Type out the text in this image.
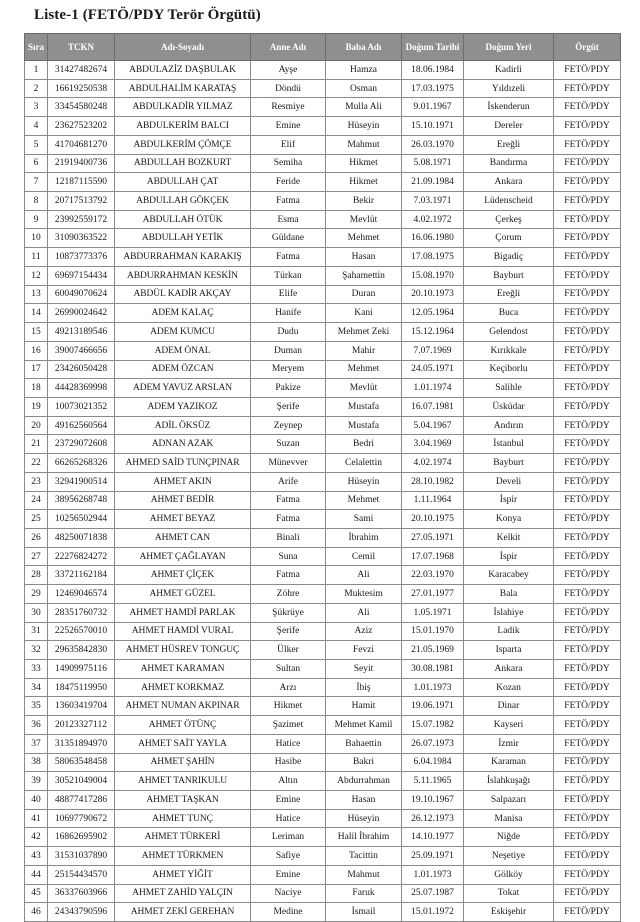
Liste-1 (FETÖ/PDY Terör Örgütü)
Sıra	TCKN	Adı-Soyadı	Anne Adı	Baba Adı	Doğum Tarihi	Doğum Yeri	Örgüt
1	31427482674	ABDULAZİZ DAŞBULAK	Ayşe	Hamza	18.06.1984	Kadirli	FETÖ/PDY
2	16619250538	ABDULHALİM KARATAŞ	Döndü	Osman	17.03.1975	Yıldızeli	FETÖ/PDY
3	33454580248	ABDULKADİR YILMAZ	Resmiye	Mulla Ali	9.01.1967	İskenderun	FETÖ/PDY
4	23627523202	ABDULKERİM BALCI	Emine	Hüseyin	15.10.1971	Dereler	FETÖ/PDY
5	41704681270	ABDULKERİM ÇÖMÇE	Elif	Mahmut	26.03.1970	Ereğli	FETÖ/PDY
6	21919400736	ABDULLAH BOZKURT	Semiha	Hikmet	5.08.1971	Bandırma	FETÖ/PDY
7	12187115590	ABDULLAH ÇAT	Feride	Hikmet	21.09.1984	Ankara	FETÖ/PDY
8	20717513792	ABDULLAH GÖKÇEK	Fatma	Bekir	7.03.1971	Lüdenscheid	FETÖ/PDY
9	23992559172	ABDULLAH ÖTÜK	Esma	Mevlüt	4.02.1972	Çerkeş	FETÖ/PDY
10	31090363522	ABDULLAH YETİK	Güldane	Mehmet	16.06.1980	Çorum	FETÖ/PDY
11	10873773376	ABDURRAHMAN KARAKIŞ	Fatma	Hasan	17.08.1975	Bigadiç	FETÖ/PDY
12	69697154434	ABDURRAHMAN KESKİN	Türkan	Şahamettin	15.08.1970	Bayburt	FETÖ/PDY
13	60049070624	ABDÜL KADİR AKÇAY	Elife	Duran	20.10.1973	Ereğli	FETÖ/PDY
14	26990024642	ADEM KALAÇ	Hanife	Kani	12.05.1964	Buca	FETÖ/PDY
15	49213189546	ADEM KUMCU	Dudu	Mehmet Zeki	15.12.1964	Gelendost	FETÖ/PDY
16	39007466656	ADEM ÖNAL	Duman	Mahir	7.07.1969	Kırıkkale	FETÖ/PDY
17	23426050428	ADEM ÖZCAN	Meryem	Mehmet	24.05.1971	Keçiborlu	FETÖ/PDY
18	44428369998	ADEM YAVUZ ARSLAN	Pakize	Mevlüt	1.01.1974	Salihle	FETÖ/PDY
19	10073021352	ADEM YAZIKOZ	Şerife	Mustafa	16.07.1981	Üsküdar	FETÖ/PDY
20	49162560564	ADİL ÖKSÜZ	Zeynep	Mustafa	5.04.1967	Andırın	FETÖ/PDY
21	23729072608	ADNAN AZAK	Suzan	Bedri	3.04.1969	İstanbul	FETÖ/PDY
22	66265268326	AHMED SAİD TUNÇPINAR	Münevver	Celalettin	4.02.1974	Bayburt	FETÖ/PDY
23	32941900514	AHMET AKIN	Arife	Hüseyin	28.10.1982	Develi	FETÖ/PDY
24	38956268748	AHMET BEDİR	Fatma	Mehmet	1.11.1964	İspir	FETÖ/PDY
25	10256502944	AHMET BEYAZ	Fatma	Sami	20.10.1975	Konya	FETÖ/PDY
26	48250071838	AHMET CAN	Binali	İbrahim	27.05.1971	Kelkit	FETÖ/PDY
27	22276824272	AHMET ÇAĞLAYAN	Suna	Cemil	17.07.1968	İspir	FETÖ/PDY
28	33721162184	AHMET ÇİÇEK	Fatma	Ali	22.03.1970	Karacabey	FETÖ/PDY
29	12469046574	AHMET GÜZEL	Zöhre	Muktesim	27.01.1977	Bala	FETÖ/PDY
30	28351760732	AHMET HAMDİ PARLAK	Şükrüye	Ali	1.05.1971	İslahiye	FETÖ/PDY
31	22526570010	AHMET HAMDİ VURAL	Şerife	Aziz	15.01.1970	Ladik	FETÖ/PDY
32	29635842830	AHMET HÜSREV TONGUÇ	Ülker	Fevzi	21.05.1969	Isparta	FETÖ/PDY
33	14909975116	AHMET KARAMAN	Sultan	Seyit	30.08.1981	Ankara	FETÖ/PDY
34	18475119950	AHMET KORKMAZ	Arzı	İbiş	1.01.1973	Kozan	FETÖ/PDY
35	13603419704	AHMET NUMAN AKPINAR	Hikmet	Hamit	19.06.1971	Dinar	FETÖ/PDY
36	20123327112	AHMET ÖTÜNÇ	Şazimet	Mehmet Kamil	15.07.1982	Kayseri	FETÖ/PDY
37	31351894970	AHMET SAİT YAYLA	Hatice	Bahaettin	26.07.1973	İzmir	FETÖ/PDY
38	58063548458	AHMET ŞAHİN	Hasibe	Bakri	6.04.1984	Karaman	FETÖ/PDY
39	30521049004	AHMET TANRIKULU	Altın	Abdurrahman	5.11.1965	İslahkuşağı	FETÖ/PDY
40	48877417286	AHMET TAŞKAN	Emine	Hasan	19.10.1967	Salpazarı	FETÖ/PDY
41	10697790672	AHMET TUNÇ	Hatice	Hüseyin	26.12.1973	Manisa	FETÖ/PDY
42	16862695902	AHMET TÜRKERİ	Leriman	Halil İbrahim	14.10.1977	Niğde	FETÖ/PDY
43	31531037890	AHMET TÜRKMEN	Safiye	Tacittin	25.09.1971	Neşetiye	FETÖ/PDY
44	25154434570	AHMET YİĞİT	Emine	Mahmut	1.01.1973	Gölköy	FETÖ/PDY
45	36337603966	AHMET ZAHİD YALÇIN	Naciye	Faruk	25.07.1987	Tokat	FETÖ/PDY
46	24343790596	AHMET ZEKİ GEREHAN	Medine	İsmail	15.01.1972	Eskişehir	FETÖ/PDY
